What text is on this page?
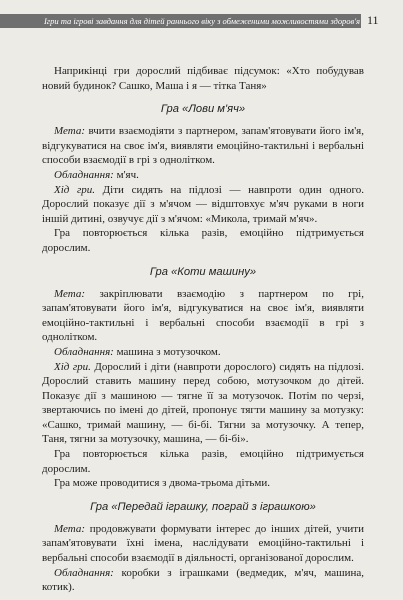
Ігри та ігрові завдання для дітей раннього віку з обмеженими можливостями здоров'я 11

Наприкінці гри дорослий підбиває підсумок: «Хто побудував новий будинок? Сашко, Маша і я — тітка Таня»

Гра «Лови м'яч»

Мета: вчити взаємодіяти з партнером, запам'ятовувати його ім'я, відгукуватися на своє ім'я, виявляти емоційно-тактильні і вербальні способи взаємодії в грі з однолітком.

Обладнання: м'яч.

Хід гри. Діти сидять на підлозі — навпроти один одного. Дорослий показує дії з м'ячом — відштовхує м'яч руками в ноги іншій дитині, озвучує дії з м'ячом: «Микола, тримай м'яч».

Гра повторюється кілька разів, емоційно підтримується дорослим.

Гра «Коти машину»

Мета: закріплювати взаємодію з партнером по грі, запам'ятовувати його ім'я, відгукуватися на своє ім'я, виявляти емоційно-тактильні і вербальні способи взаємодії в грі з однолітком.

Обладнання: машина з мотузочком.

Хід гри. Дорослий і діти (навпроти дорослого) сидять на підлозі. Дорослий ставить машину перед собою, мотузочком до дітей. Показує дії з машиною — тягне її за мотузочок. Потім по черзі, звертаючись по імені до дітей, пропонує тягти машину за мотузку: «Сашко, тримай машину, — бі-бі. Тягни за мотузочку. А тепер, Таня, тягни за мотузочку, машина, — бі-бі».

Гра повторюється кілька разів, емоційно підтримується дорослим.

Гра може проводитися з двома-трьома дітьми.

Гра «Передай іграшку, пограй з іграшкою»

Мета: продовжувати формувати інтерес до інших дітей, учити запам'ятовувати їхні імена, наслідувати емоційно-тактильні і вербальні способи взаємодії в діяльності, організованої дорослим.

Обладнання: коробки з іграшками (ведмедик, м'яч, машина, котик).
